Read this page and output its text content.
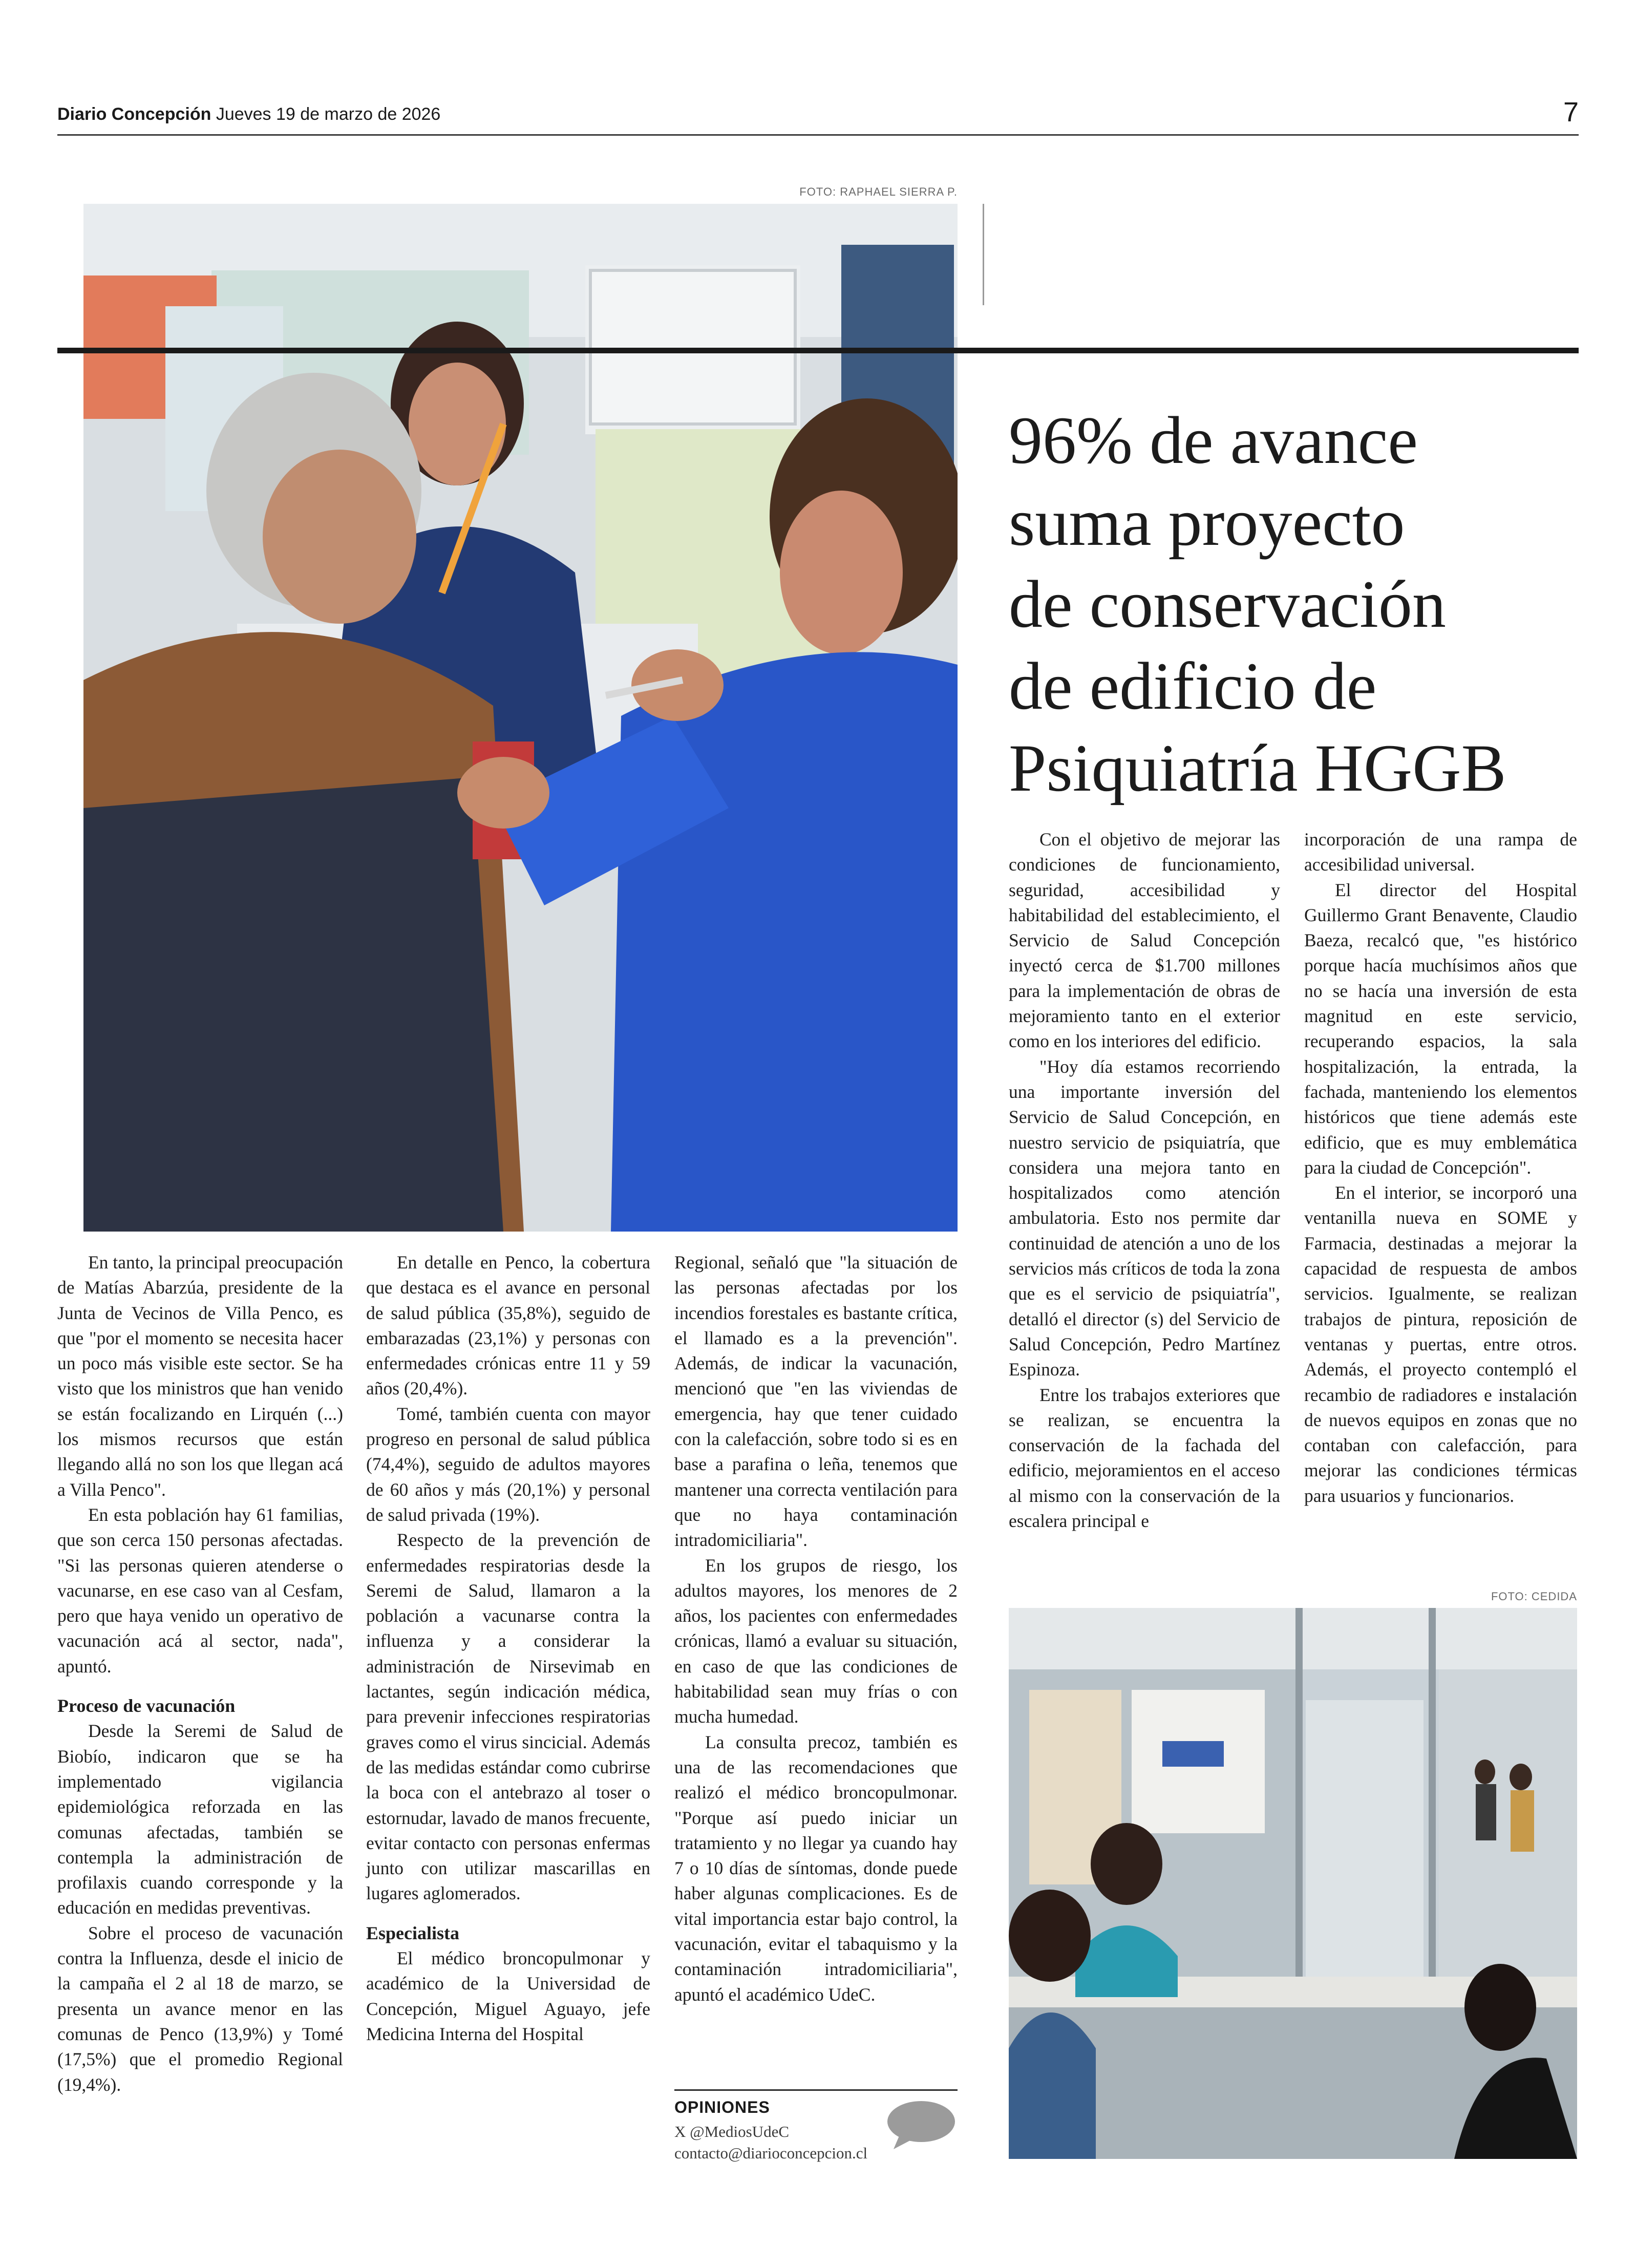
Diario Concepción Jueves 19 de marzo de 2026	7
FOTO: RAPHAEL SIERRA P.
96% de avance
suma proyecto
de conservación
de edificio de
Psiquiatría HGGB

En tanto, la principal preocupación de Matías Abarzúa, presidente de la Junta de Vecinos de Villa Penco, es que "por el momento se necesita hacer un poco más visible este sector. Se ha visto que los ministros que han venido se están focalizando en Lirquén (...) los mismos recursos que están llegando allá no son los que llegan acá a Villa Penco".

En esta población hay 61 familias, que son cerca 150 personas afectadas. "Si las personas quieren atenderse o vacunarse, en ese caso van al Cesfam, pero que haya venido un operativo de vacunación acá al sector, nada", apuntó.

Proceso de vacunación

Desde la Seremi de Salud de Biobío, indicaron que se ha implementado vigilancia epidemiológica reforzada en las comunas afectadas, también se contempla la administración de profilaxis cuando corresponde y la educación en medidas preventivas.

Sobre el proceso de vacunación contra la Influenza, desde el inicio de la campaña el 2 al 18 de marzo, se presenta un avance menor en las comunas de Penco (13,9%) y Tomé (17,5%) que el promedio Regional (19,4%).

En detalle en Penco, la cobertura que destaca es el avance en personal de salud pública (35,8%), seguido de embarazadas (23,1%) y personas con enfermedades crónicas entre 11 y 59 años (20,4%).

Tomé, también cuenta con mayor progreso en personal de salud pública (74,4%), seguido de adultos mayores de 60 años y más (20,1%) y personal de salud privada (19%).

Respecto de la prevención de enfermedades respiratorias desde la Seremi de Salud, llamaron a la población a vacunarse contra la influenza y a considerar la administración de Nirsevimab en lactantes, según indicación médica, para prevenir infecciones respiratorias graves como el virus sincicial. Además de las medidas estándar como cubrirse la boca con el antebrazo al toser o estornudar, lavado de manos frecuente, evitar contacto con personas enfermas junto con utilizar mascarillas en lugares aglomerados.

Especialista

El médico broncopulmonar y académico de la Universidad de Concepción, Miguel Aguayo, jefe Medicina Interna del Hospital

Regional, señaló que "la situación de las personas afectadas por los incendios forestales es bastante crítica, el llamado es a la prevención". Además, de indicar la vacunación, mencionó que "en las viviendas de emergencia, hay que tener cuidado con la calefacción, sobre todo si es en base a parafina o leña, tenemos que mantener una correcta ventilación para que no haya contaminación intradomiciliaria".

En los grupos de riesgo, los adultos mayores, los menores de 2 años, los pacientes con enfermedades crónicas, llamó a evaluar su situación, en caso de que las condiciones de habitabilidad sean muy frías o con mucha humedad.

La consulta precoz, también es una de las recomendaciones que realizó el médico broncopulmonar. "Porque así puedo iniciar un tratamiento y no llegar ya cuando hay 7 o 10 días de síntomas, donde puede haber algunas complicaciones. Es de vital importancia estar bajo control, la vacunación, evitar el tabaquismo y la contaminación intradomiciliaria", apuntó el académico UdeC.

OPINIONES
X @MediosUdeC
contacto@diarioconcepcion.cl

Con el objetivo de mejorar las condiciones de funcionamiento, seguridad, accesibilidad y habitabilidad del establecimiento, el Servicio de Salud Concepción inyectó cerca de $1.700 millones para la implementación de obras de mejoramiento tanto en el exterior como en los interiores del edificio.

"Hoy día estamos recorriendo una importante inversión del Servicio de Salud Concepción, en nuestro servicio de psiquiatría, que considera una mejora tanto en hospitalizados como atención ambulatoria. Esto nos permite dar continuidad de atención a uno de los servicios más críticos de toda la zona que es el servicio de psiquiatría", detalló el director (s) del Servicio de Salud Concepción, Pedro Martínez Espinoza.

Entre los trabajos exteriores que se realizan, se encuentra la conservación de la fachada del edificio, mejoramientos en el acceso al mismo con la conservación de la escalera principal e

incorporación de una rampa de accesibilidad universal.

El director del Hospital Guillermo Grant Benavente, Claudio Baeza, recalcó que, "es histórico porque hacía muchísimos años que no se hacía una inversión de esta magnitud en este servicio, recuperando espacios, la sala hospitalización, la entrada, la fachada, manteniendo los elementos históricos que tiene además este edificio, que es muy emblemática para la ciudad de Concepción".

En el interior, se incorporó una ventanilla nueva en SOME y Farmacia, destinadas a mejorar la capacidad de respuesta de ambos servicios. Igualmente, se realizan trabajos de pintura, reposición de ventanas y puertas, entre otros. Además, el proyecto contempló el recambio de radiadores e instalación de nuevos equipos en zonas que no contaban con calefacción, para mejorar las condiciones térmicas para usuarios y funcionarios.

FOTO: CEDIDA
